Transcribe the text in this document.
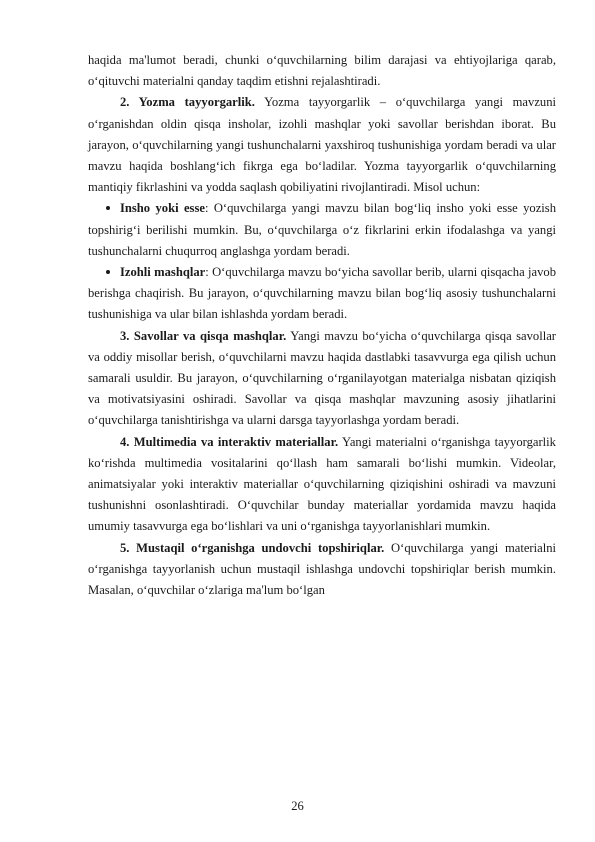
haqida ma'lumot beradi, chunki o‘quvchilarning bilim darajasi va ehtiyojlariga qarab, o‘qituvchi materialni qanday taqdim etishni rejalashtiradi.

2. Yozma tayyorgarlik. Yozma tayyorgarlik – o‘quvchilarga yangi mavzuni o‘rganishdan oldin qisqa insholar, izohli mashqlar yoki savollar berishdan iborat. Bu jarayon, o‘quvchilarning yangi tushunchalarni yaxshiroq tushunishiga yordam beradi va ular mavzu haqida boshlang‘ich fikrga ega bo‘ladilar. Yozma tayyorgarlik o‘quvchilarning mantiqiy fikrlashini va yodda saqlash qobiliyatini rivojlantiradi. Misol uchun:

Insho yoki esse: O‘quvchilarga yangi mavzu bilan bog‘liq insho yoki esse yozish topshirig‘i berilishi mumkin. Bu, o‘quvchilarga o‘z fikrlarini erkin ifodalashga va yangi tushunchalarni chuqurroq anglashga yordam beradi.

Izohli mashqlar: O‘quvchilarga mavzu bo‘yicha savollar berib, ularni qisqacha javob berishga chaqirish. Bu jarayon, o‘quvchilarning mavzu bilan bog‘liq asosiy tushunchalarni tushunishiga va ular bilan ishlashda yordam beradi.

3. Savollar va qisqa mashqlar. Yangi mavzu bo‘yicha o‘quvchilarga qisqa savollar va oddiy misollar berish, o‘quvchilarni mavzu haqida dastlabki tasavvurga ega qilish uchun samarali usuldir. Bu jarayon, o‘quvchilarning o‘rganilayotgan materialga nisbatan qiziqish va motivatsiyasini oshiradi. Savollar va qisqa mashqlar mavzuning asosiy jihatlarini o‘quvchilarga tanishtirishga va ularni darsga tayyorlashga yordam beradi.

4. Multimedia va interaktiv materiallar. Yangi materialni o‘rganishga tayyorgarlik ko‘rishda multimedia vositalarini qo‘llash ham samarali bo‘lishi mumkin. Videolar, animatsiyalar yoki interaktiv materiallar o‘quvchilarning qiziqishini oshiradi va mavzuni tushunishni osonlashtiradi. O‘quvchilar bunday materiallar yordamida mavzu haqida umumiy tasavvurga ega bo‘lishlari va uni o‘rganishga tayyorlanishlari mumkin.

5. Mustaqil o‘rganishga undovchi topshiriqlar. O‘quvchilarga yangi materialni o‘rganishga tayyorlanish uchun mustaqil ishlashga undovchi topshiriqlar berish mumkin. Masalan, o‘quvchilar o‘zlariga ma'lum bo‘lgan

26
